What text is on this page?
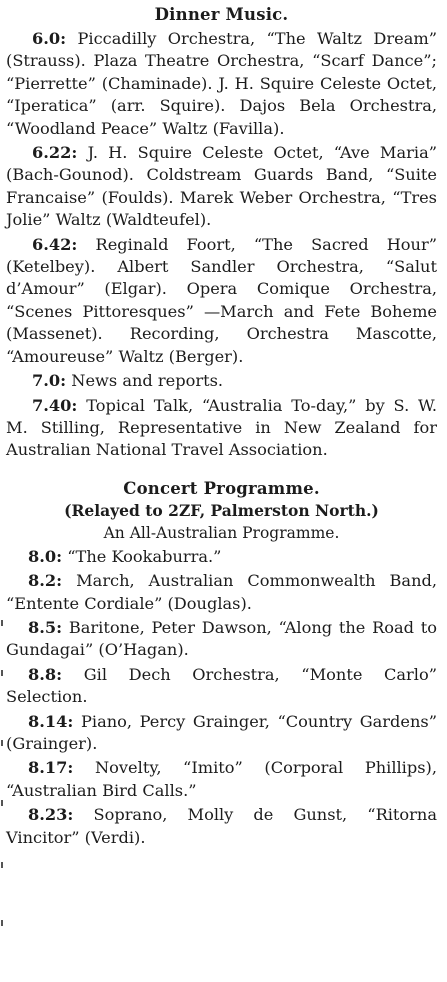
Dinner Music.

6.0: Piccadilly Orchestra, “The Waltz Dream” (Strauss). Plaza Theatre Orchestra, “Scarf Dance”; “Pierrette” (Chaminade). J. H. Squire Celeste Octet, “Iperatica” (arr. Squire). Dajos Bela Orchestra, “Woodland Peace” Waltz (Favilla).

6.22: J. H. Squire Celeste Octet, “Ave Maria” (Bach-Gounod). Coldstream Guards Band, “Suite Francaise” (Foulds). Marek Weber Orchestra, “Tres Jolie” Waltz (Waldteufel).

6.42: Reginald Foort, “The Sacred Hour” (Ketelbey). Albert Sandler Orchestra, “Salut d’Amour” (Elgar). Opera Comique Orchestra, “Scenes Pittoresques” —March and Fete Boheme (Massenet). Recording, Orchestra Mascotte, “Amoureuse” Waltz (Berger).

7.0: News and reports.

7.40: Topical Talk, “Australia To-day,” by S. W. M. Stilling, Representative in New Zealand for Australian National Travel Association.

Concert Programme.
(Relayed to 2ZF, Palmerston North.)
An All-Australian Programme.

8.0: “The Kookaburra.”

8.2: March, Australian Commonwealth Band, “Entente Cordiale” (Douglas).

8.5: Baritone, Peter Dawson, “Along the Road to Gundagai” (O’Hagan).

8.8: Gil Dech Orchestra, “Monte Carlo” Selection.

8.14: Piano, Percy Grainger, “Country Gardens” (Grainger).

8.17: Novelty, “Imito” (Corporal Phillips), “Australian Bird Calls.”

8.23: Soprano, Molly de Gunst, “Ritorna Vincitor” (Verdi).
